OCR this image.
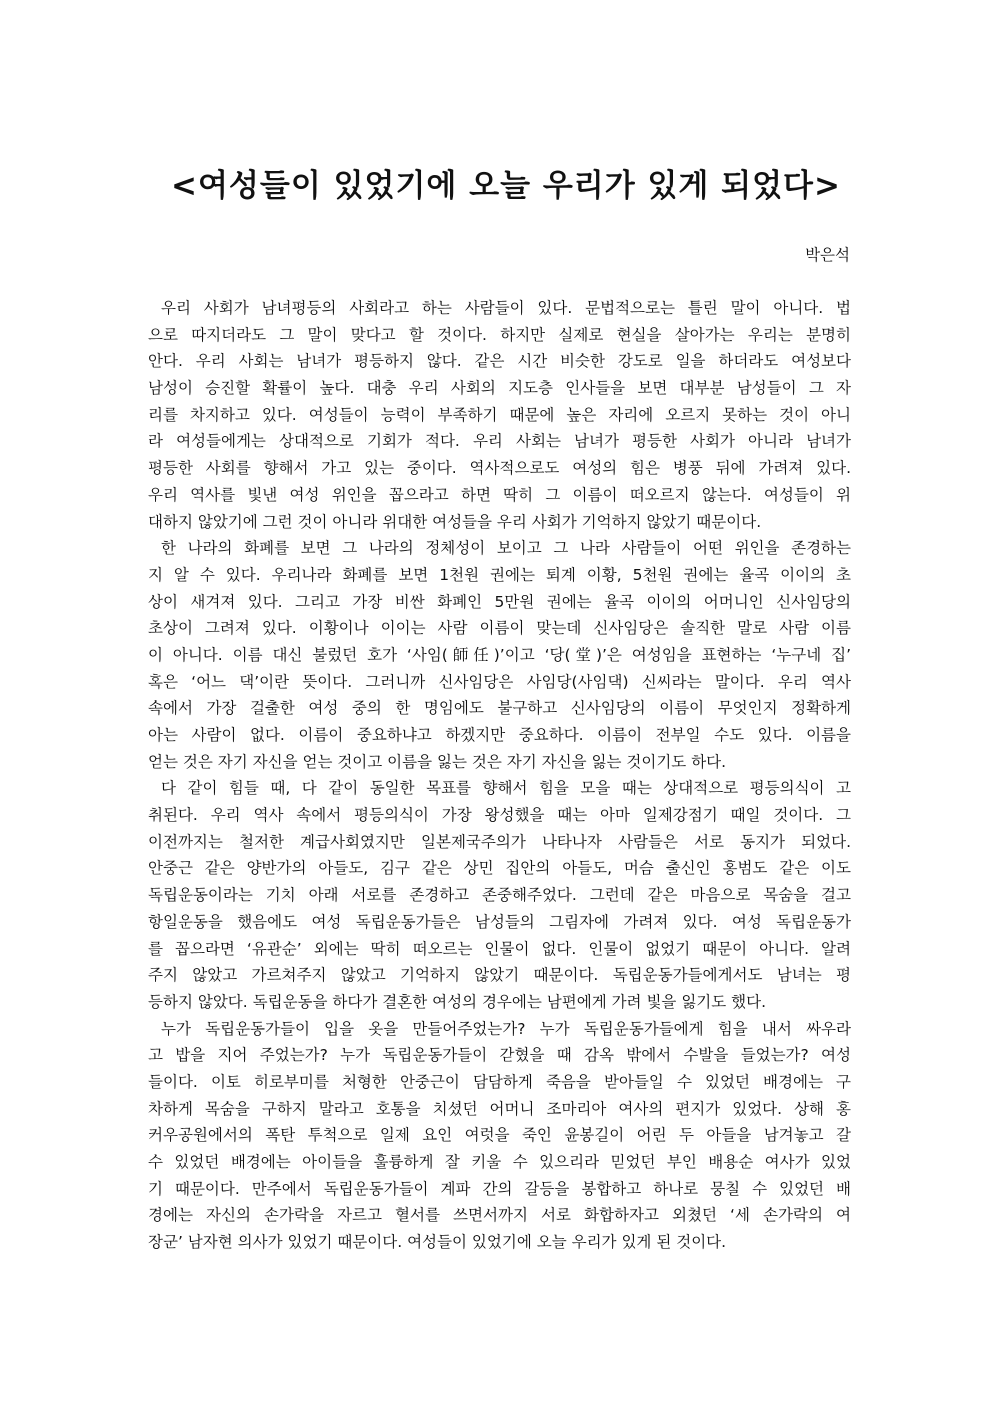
<여성들이 있었기에 오늘 우리가 있게 되었다>
박은석
우리 사회가 남녀평등의 사회라고 하는 사람들이 있다. 문법적으로는 틀린 말이 아니다. 법
으로 따지더라도 그 말이 맞다고 할 것이다. 하지만 실제로 현실을 살아가는 우리는 분명히
안다. 우리 사회는 남녀가 평등하지 않다. 같은 시간 비슷한 강도로 일을 하더라도 여성보다
남성이 승진할 확률이 높다. 대충 우리 사회의 지도층 인사들을 보면 대부분 남성들이 그 자
리를 차지하고 있다. 여성들이 능력이 부족하기 때문에 높은 자리에 오르지 못하는 것이 아니
라 여성들에게는 상대적으로 기회가 적다. 우리 사회는 남녀가 평등한 사회가 아니라 남녀가
평등한 사회를 향해서 가고 있는 중이다. 역사적으로도 여성의 힘은 병풍 뒤에 가려져 있다.
우리 역사를 빛낸 여성 위인을 꼽으라고 하면 딱히 그 이름이 떠오르지 않는다. 여성들이 위
대하지 않았기에 그런 것이 아니라 위대한 여성들을 우리 사회가 기억하지 않았기 때문이다.
한 나라의 화폐를 보면 그 나라의 정체성이 보이고 그 나라 사람들이 어떤 위인을 존경하는
지 알 수 있다. 우리나라 화폐를 보면 1천원 권에는 퇴계 이황, 5천원 권에는 율곡 이이의 초
상이 새겨져 있다. 그리고 가장 비싼 화폐인 5만원 권에는 율곡 이이의 어머니인 신사임당의
초상이 그려져 있다. 이황이나 이이는 사람 이름이 맞는데 신사임당은 솔직한 말로 사람 이름
이 아니다. 이름 대신 불렀던 호가 ‘사임(師任)’이고 ‘당(堂)’은 여성임을 표현하는 ‘누구네 집’
혹은 ‘어느 댁’이란 뜻이다. 그러니까 신사임당은 사임당(사임댁) 신씨라는 말이다. 우리 역사
속에서 가장 걸출한 여성 중의 한 명임에도 불구하고 신사임당의 이름이 무엇인지 정확하게
아는 사람이 없다. 이름이 중요하냐고 하겠지만 중요하다. 이름이 전부일 수도 있다. 이름을
얻는 것은 자기 자신을 얻는 것이고 이름을 잃는 것은 자기 자신을 잃는 것이기도 하다.
다 같이 힘들 때, 다 같이 동일한 목표를 향해서 힘을 모을 때는 상대적으로 평등의식이 고
취된다. 우리 역사 속에서 평등의식이 가장 왕성했을 때는 아마 일제강점기 때일 것이다. 그
이전까지는 철저한 계급사회였지만 일본제국주의가 나타나자 사람들은 서로 동지가 되었다.
안중근 같은 양반가의 아들도, 김구 같은 상민 집안의 아들도, 머슴 출신인 홍범도 같은 이도
독립운동이라는 기치 아래 서로를 존경하고 존중해주었다. 그런데 같은 마음으로 목숨을 걸고
항일운동을 했음에도 여성 독립운동가들은 남성들의 그림자에 가려져 있다. 여성 독립운동가
를 꼽으라면 ‘유관순’ 외에는 딱히 떠오르는 인물이 없다. 인물이 없었기 때문이 아니다. 알려
주지 않았고 가르쳐주지 않았고 기억하지 않았기 때문이다. 독립운동가들에게서도 남녀는 평
등하지 않았다. 독립운동을 하다가 결혼한 여성의 경우에는 남편에게 가려 빛을 잃기도 했다.
누가 독립운동가들이 입을 옷을 만들어주었는가? 누가 독립운동가들에게 힘을 내서 싸우라
고 밥을 지어 주었는가? 누가 독립운동가들이 갇혔을 때 감옥 밖에서 수발을 들었는가? 여성
들이다. 이토 히로부미를 처형한 안중근이 담담하게 죽음을 받아들일 수 있었던 배경에는 구
차하게 목숨을 구하지 말라고 호통을 치셨던 어머니 조마리아 여사의 편지가 있었다. 상해 홍
커우공원에서의 폭탄 투척으로 일제 요인 여럿을 죽인 윤봉길이 어린 두 아들을 남겨놓고 갈
수 있었던 배경에는 아이들을 훌륭하게 잘 키울 수 있으리라 믿었던 부인 배용순 여사가 있었
기 때문이다. 만주에서 독립운동가들이 계파 간의 갈등을 봉합하고 하나로 뭉칠 수 있었던 배
경에는 자신의 손가락을 자르고 혈서를 쓰면서까지 서로 화합하자고 외쳤던 ‘세 손가락의 여
장군’ 남자현 의사가 있었기 때문이다. 여성들이 있었기에 오늘 우리가 있게 된 것이다.
